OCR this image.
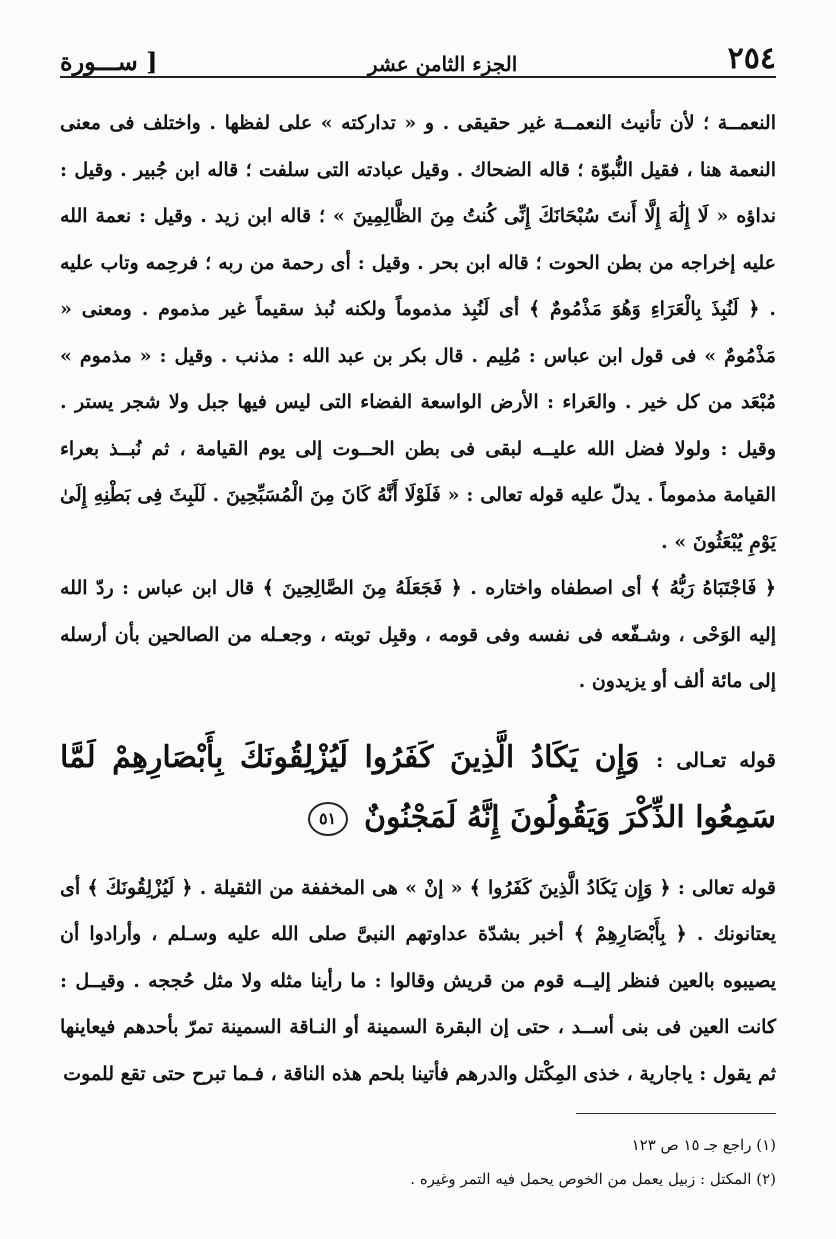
٢٥٤
الجزء الثامن عشر
[ ســـورة

النعمــة ؛ لأن تأنيث النعمــة غير حقيقى . و « تداركته » على لفظها . واختلف فى معنى النعمة هنا ، فقيل النُّبوّة ؛ قاله الضحاك . وقيل عبادته التى سلفت ؛ قاله ابن جُبير . وقيل : نداؤه « لَا إِلَٰهَ إِلَّا أَنتَ سُبْحَانَكَ إِنِّى كُنتُ مِنَ الظَّالِمِينَ » ؛ قاله ابن زيد . وقيل : نعمة الله عليه إخراجه من بطن الحوت ؛ قاله ابن بحر . وقيل : أى رحمة من ربه ؛ فرحِمه وتاب عليه . ﴿ لَنُبِذَ بِالْعَرَاءِ وَهُوَ مَذْمُومٌ ﴾ أى لَنُبِذ مذموماً ولكنه نُبذ سقيماً غير مذموم . ومعنى « مَذْمُومٌ » فى قول ابن عباس : مُلِيم . قال بكر بن عبد الله : مذنب . وقيل : « مذموم » مُبْعَد من كل خير . والعَراء : الأرض الواسعة الفضاء التى ليس فيها جبل ولا شجر يستر . وقيل : ولولا فضل الله عليــه لبقى فى بطن الحــوت إلى يوم القيامة ، ثم نُبــذ بعراء القيامة مذموماً . يدلّ عليه قوله تعالى : « فَلَوْلَا أَنَّهُ كَانَ مِنَ الْمُسَبِّحِينَ . لَلَبِثَ فِى بَطْنِهِ إِلَىٰ يَوْمِ يُبْعَثُونَ » .

﴿ فَاجْتَبَاهُ رَبُّهُ ﴾ أى اصطفاه واختاره . ﴿ فَجَعَلَهُ مِنَ الصَّالِحِينَ ﴾ قال ابن عباس : ردّ الله إليه الوَحْى ، وشـفّعه فى نفسه وفى قومه ، وقبِل توبته ، وجعـله من الصالحين بأن أرسله إلى مائة ألف أو يزيدون .

قوله تعـالى : وَإِن يَكَادُ الَّذِينَ كَفَرُوا لَيُزْلِقُونَكَ بِأَبْصَارِهِمْ لَمَّا سَمِعُوا الذِّكْرَ وَيَقُولُونَ إِنَّهُ لَمَجْنُونٌ ٥١

قوله تعالى : ﴿ وَإِن يَكَادُ الَّذِينَ كَفَرُوا ﴾ « إنْ » هى المخففة من الثقيلة . ﴿ لَيُزْلِقُونَكَ ﴾ أى يعتانونك . ﴿ بِأَبْصَارِهِمْ ﴾ أخبر بشدّة عداوتهم النبىَّ صلى الله عليه وسـلم ، وأرادوا أن يصيبوه بالعين فنظر إليــه قوم من قريش وقالوا : ما رأينا مثله ولا مثل حُججه . وقيــل : كانت العين فى بنى أســد ، حتى إن البقرة السمينة أو النـاقة السمينة تمرّ بأحدهم فيعاينها ثم يقول : ياجارية ، خذى المِكْتل والدرهم فأتينا بلحم هذه الناقة ، فـما تبرح حتى تقع للموت

(١) راجع جـ ١٥ ص ١٢٣
(٢) المكتل : زبيل يعمل من الخوص يحمل فيه التمر وغيره .
